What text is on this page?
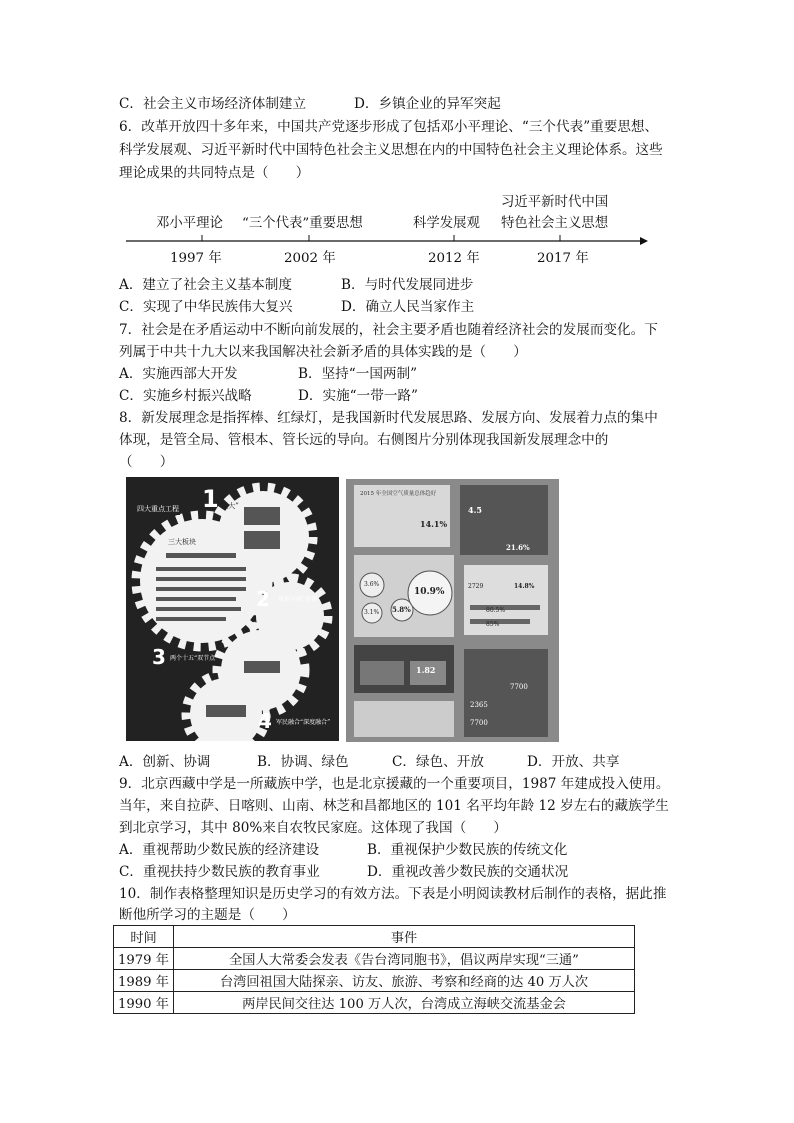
C．社会主义市场经济体制建立	D．乡镇企业的异军突起
6．改革开放四十多年来，中国共产党逐步形成了包括邓小平理论、“三个代表”重要思想、
科学发展观、习近平新时代中国特色社会主义思想在内的中国特色社会主义理论体系。这些
理论成果的共同特点是（　　）
习近平新时代中国
邓小平理论 “三个代表”重要思想	科学发展观 特色社会主义思想
1997 年	2002 年	2012 年	2017 年
A．建立了社会主义基本制度	B．与时代发展同进步
C．实现了中华民族伟大复兴	D．确立人民当家作主
7．社会是在矛盾运动中不断向前发展的，社会主要矛盾也随着经济社会的发展而变化。下
列属于中共十九大以来我国解决社会新矛盾的具体实践的是（　　）
A．实施西部大开发	B．坚持“一国两制”
C．实施乡村振兴战略	D．实施“一带一路”
8．新发展理念是指挥棒、红绿灯，是我国新时代发展思路、发展方向、发展着力点的集中
体现，是管全局、管根本、管长远的导向。右侧图片分别体现我国新发展理念中的
（　　）
1
四大重点工程	"五大”
三大板块
2 城乡区域“协调”
3 两个十五“双节点”
4 军民融合“深度融合”
2015 年全国空气质量总体趋好
14.1%
10.9%
5.8%
3.6%
3.1%
21.6%
4.5
2729	14.8%
80.5%
85%
1.82
2365
7700
7700
A．创新、协调	B．协调、绿色	C．绿色、开放	D．开放、共享
9．北京西藏中学是一所藏族中学，也是北京援藏的一个重要项目，1987 年建成投入使用。
当年，来自拉萨、日喀则、山南、林芝和昌都地区的 101 名平均年龄 12 岁左右的藏族学生
到北京学习，其中 80%来自农牧民家庭。这体现了我国（　　）
A．重视帮助少数民族的经济建设	B．重视保护少数民族的传统文化
C．重视扶持少数民族的教育事业	D．重视改善少数民族的交通状况
10．制作表格整理知识是历史学习的有效方法。下表是小明阅读教材后制作的表格，据此推
断他所学习的主题是（　　）
时间	事件
1979 年	全国人大常委会发表《告台湾同胞书》，倡议两岸实现“三通”
1989 年	台湾回祖国大陆探亲、访友、旅游、考察和经商的达 40 万人次
1990 年	两岸民间交往达 100 万人次，台湾成立海峡交流基金会
